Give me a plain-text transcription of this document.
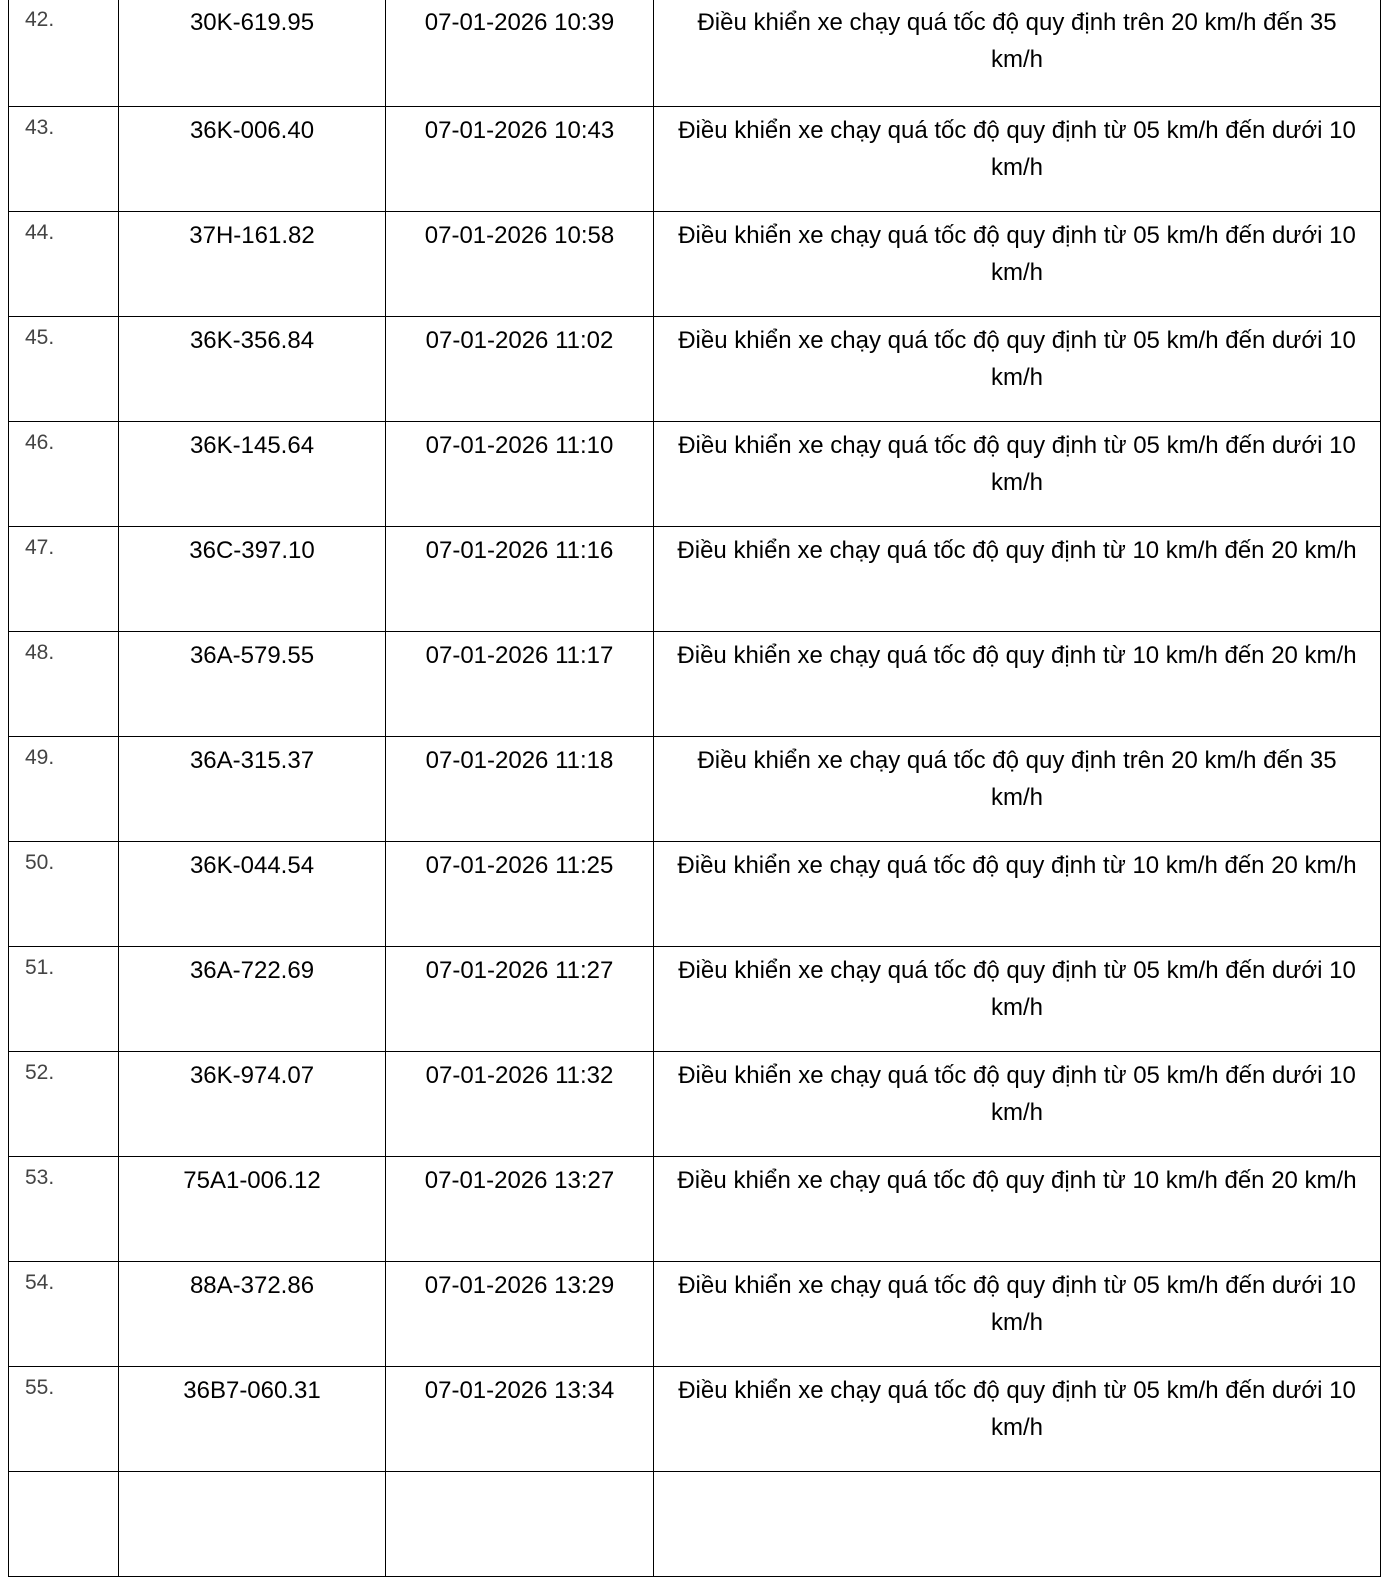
42.	30K-619.95	07-01-2026 10:39	Điều khiển xe chạy quá tốc độ quy định trên 20 km/h đến 35 km/h
43.	36K-006.40	07-01-2026 10:43	Điều khiển xe chạy quá tốc độ quy định từ 05 km/h đến dưới 10 km/h
44.	37H-161.82	07-01-2026 10:58	Điều khiển xe chạy quá tốc độ quy định từ 05 km/h đến dưới 10 km/h
45.	36K-356.84	07-01-2026 11:02	Điều khiển xe chạy quá tốc độ quy định từ 05 km/h đến dưới 10 km/h
46.	36K-145.64	07-01-2026 11:10	Điều khiển xe chạy quá tốc độ quy định từ 05 km/h đến dưới 10 km/h
47.	36C-397.10	07-01-2026 11:16	Điều khiển xe chạy quá tốc độ quy định từ 10 km/h đến 20 km/h
48.	36A-579.55	07-01-2026 11:17	Điều khiển xe chạy quá tốc độ quy định từ 10 km/h đến 20 km/h
49.	36A-315.37	07-01-2026 11:18	Điều khiển xe chạy quá tốc độ quy định trên 20 km/h đến 35 km/h
50.	36K-044.54	07-01-2026 11:25	Điều khiển xe chạy quá tốc độ quy định từ 10 km/h đến 20 km/h
51.	36A-722.69	07-01-2026 11:27	Điều khiển xe chạy quá tốc độ quy định từ 05 km/h đến dưới 10 km/h
52.	36K-974.07	07-01-2026 11:32	Điều khiển xe chạy quá tốc độ quy định từ 05 km/h đến dưới 10 km/h
53.	75A1-006.12	07-01-2026 13:27	Điều khiển xe chạy quá tốc độ quy định từ 10 km/h đến 20 km/h
54.	88A-372.86	07-01-2026 13:29	Điều khiển xe chạy quá tốc độ quy định từ 05 km/h đến dưới 10 km/h
55.	36B7-060.31	07-01-2026 13:34	Điều khiển xe chạy quá tốc độ quy định từ 05 km/h đến dưới 10 km/h
